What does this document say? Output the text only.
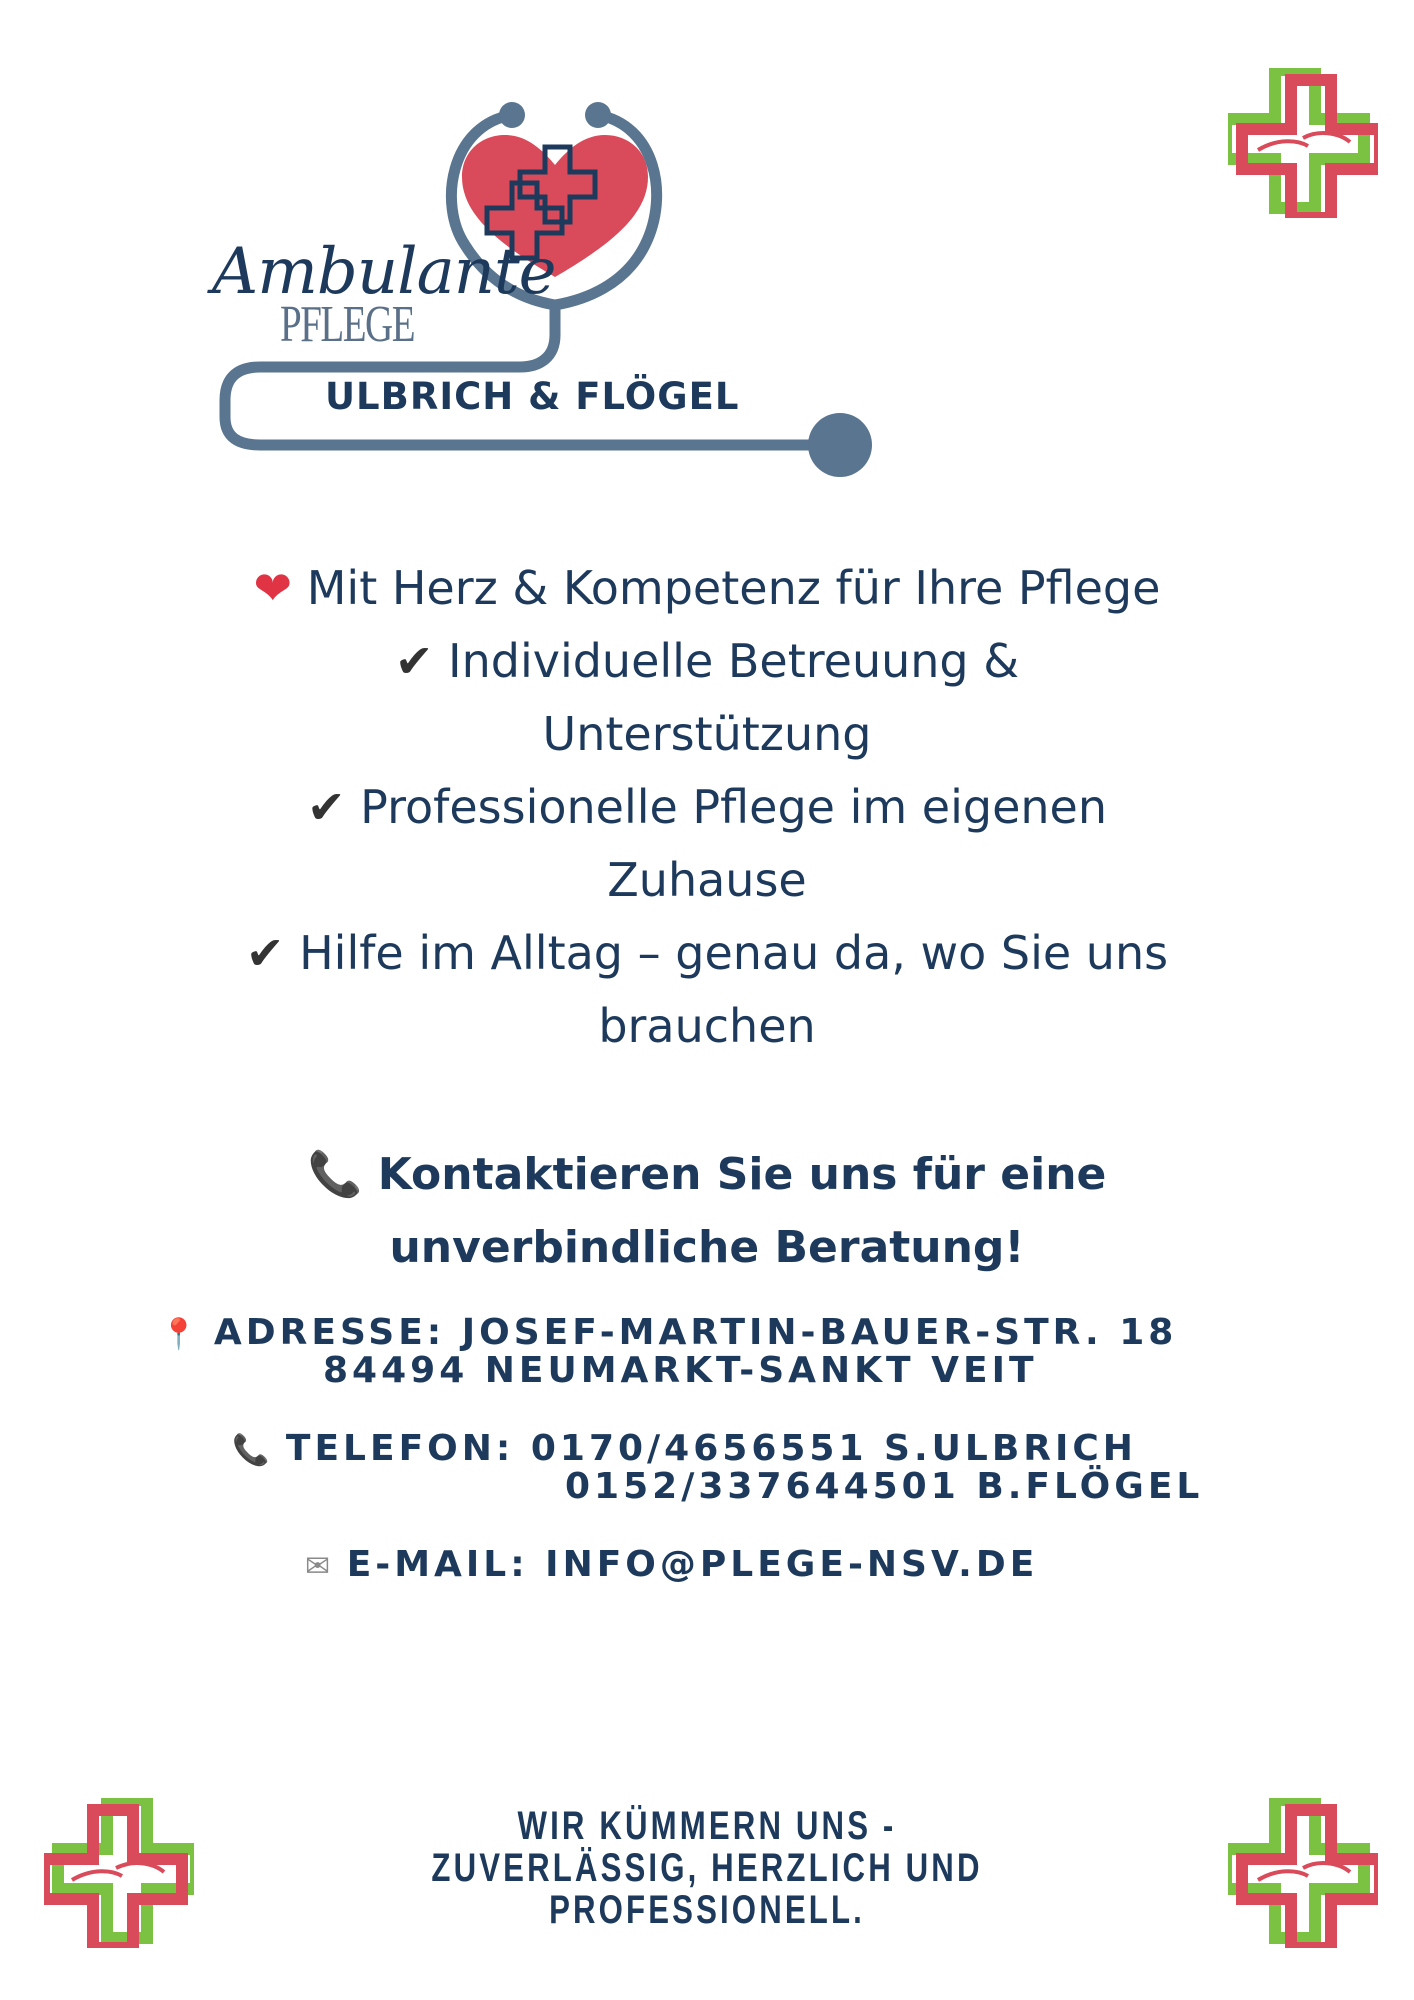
Ambulante
PFLEGE
ULBRICH & FLÖGEL
❤ Mit Herz & Kompetenz für Ihre Pflege
✔ Individuelle Betreuung &
Unterstützung
✔ Professionelle Pflege im eigenen
Zuhause
✔ Hilfe im Alltag – genau da, wo Sie uns
brauchen
📞 Kontaktieren Sie uns für eine
unverbindliche Beratung!
📍 ADRESSE: JOSEF-MARTIN-BAUER-STR. 18
84494 NEUMARKT-SANKT VEIT
📞 TELEFON: 0170/4656551 S.ULBRICH
0152/337644501 B.FLÖGEL
✉ E-MAIL: INFO@PLEGE-NSV.DE
WIR KÜMMERN UNS -
ZUVERLÄSSIG, HERZLICH UND PROFESSIONELL.
